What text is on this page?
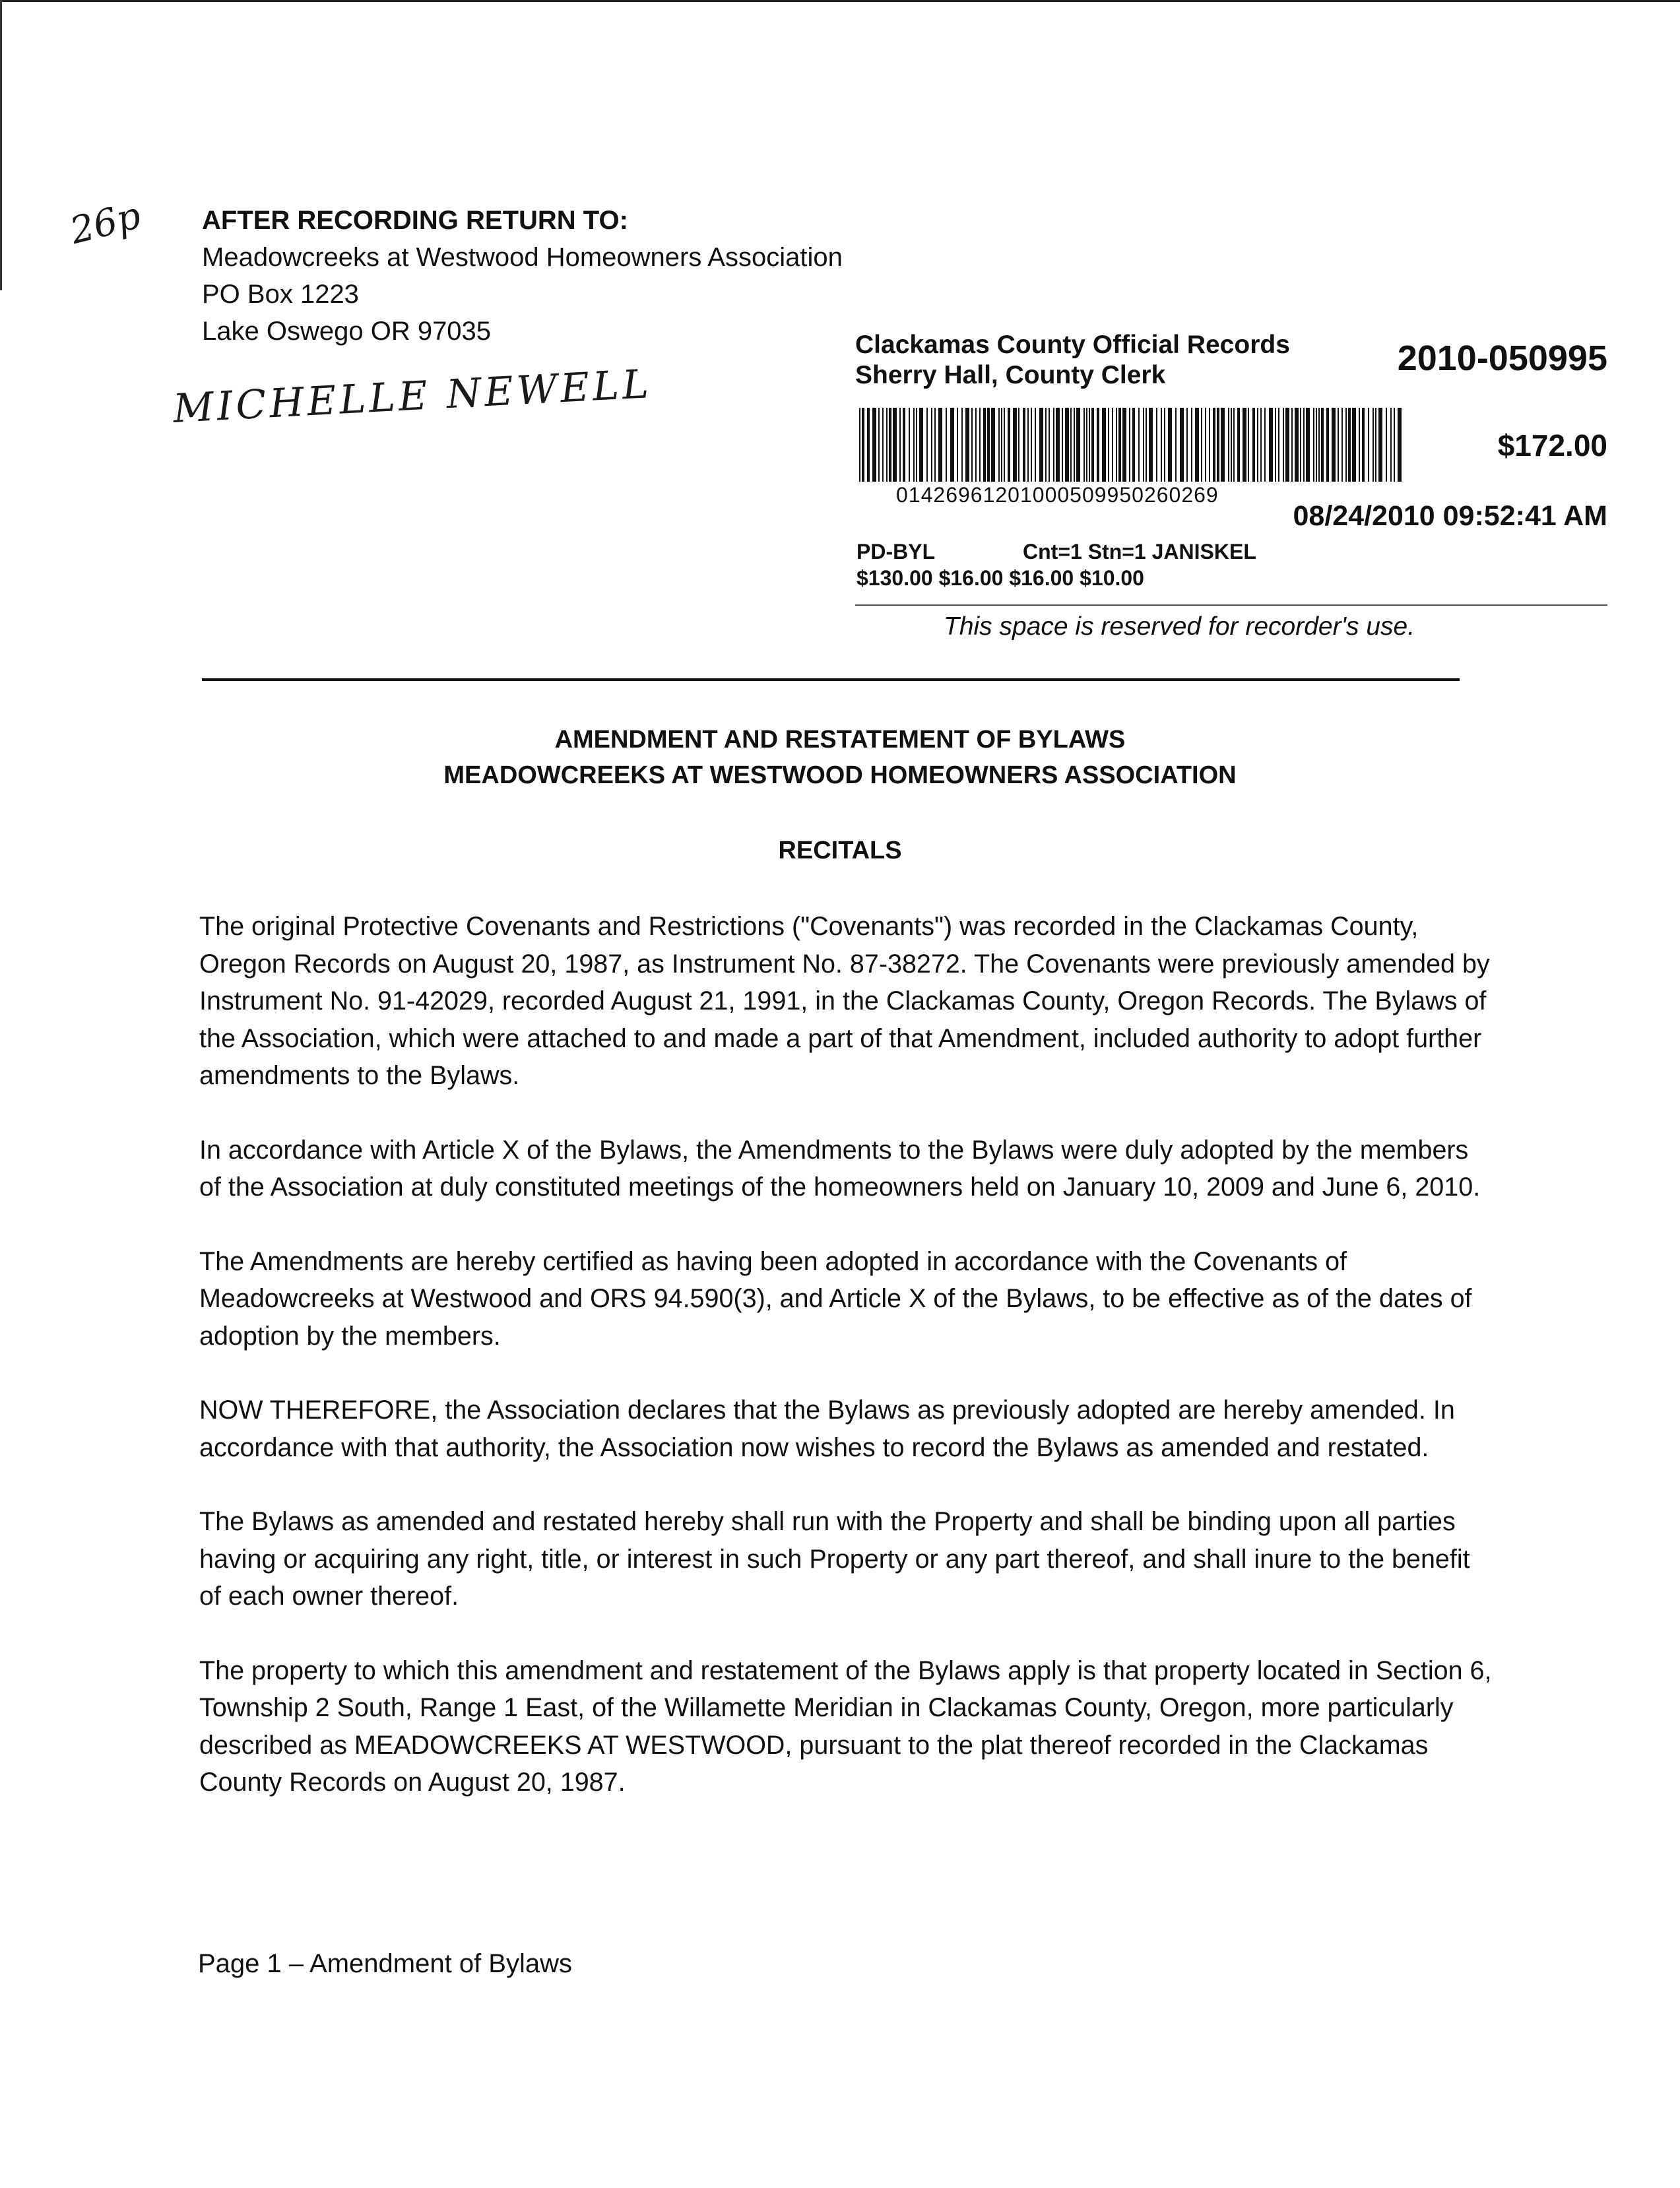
26p
MICHELLE NEWELL
AFTER RECORDING RETURN TO:
Meadowcreeks at Westwood Homeowners Association
PO Box 1223
Lake Oswego OR 97035	Clackamas County Official Records
Sherry Hall, County Clerk	2010-050995
01426961201000509950260269
$172.00
08/24/2010 09:52:41 AM
PD-BYL	Cnt=1 Stn=1 JANISKEL
$130.00 $16.00 $16.00 $10.00
This space is reserved for recorder's use.
AMENDMENT AND RESTATEMENT OF BYLAWS
MEADOWCREEKS AT WESTWOOD HOMEOWNERS ASSOCIATION
RECITALS

The original Protective Covenants and Restrictions ("Covenants") was recorded in the Clackamas County, Oregon Records on August 20, 1987, as Instrument No. 87-38272. The Covenants were previously amended by Instrument No. 91-42029, recorded August 21, 1991, in the Clackamas County, Oregon Records. The Bylaws of the Association, which were attached to and made a part of that Amendment, included authority to adopt further amendments to the Bylaws.

In accordance with Article X of the Bylaws, the Amendments to the Bylaws were duly adopted by the members of the Association at duly constituted meetings of the homeowners held on January 10, 2009 and June 6, 2010.

The Amendments are hereby certified as having been adopted in accordance with the Covenants of Meadowcreeks at Westwood and ORS 94.590(3), and Article X of the Bylaws, to be effective as of the dates of adoption by the members.

NOW THEREFORE, the Association declares that the Bylaws as previously adopted are hereby amended. In accordance with that authority, the Association now wishes to record the Bylaws as amended and restated.

The Bylaws as amended and restated hereby shall run with the Property and shall be binding upon all parties having or acquiring any right, title, or interest in such Property or any part thereof, and shall inure to the benefit of each owner thereof.

The property to which this amendment and restatement of the Bylaws apply is that property located in Section 6, Township 2 South, Range 1 East, of the Willamette Meridian in Clackamas County, Oregon, more particularly described as MEADOWCREEKS AT WESTWOOD, pursuant to the plat thereof recorded in the Clackamas County Records on August 20, 1987.

Page 1 – Amendment of Bylaws
